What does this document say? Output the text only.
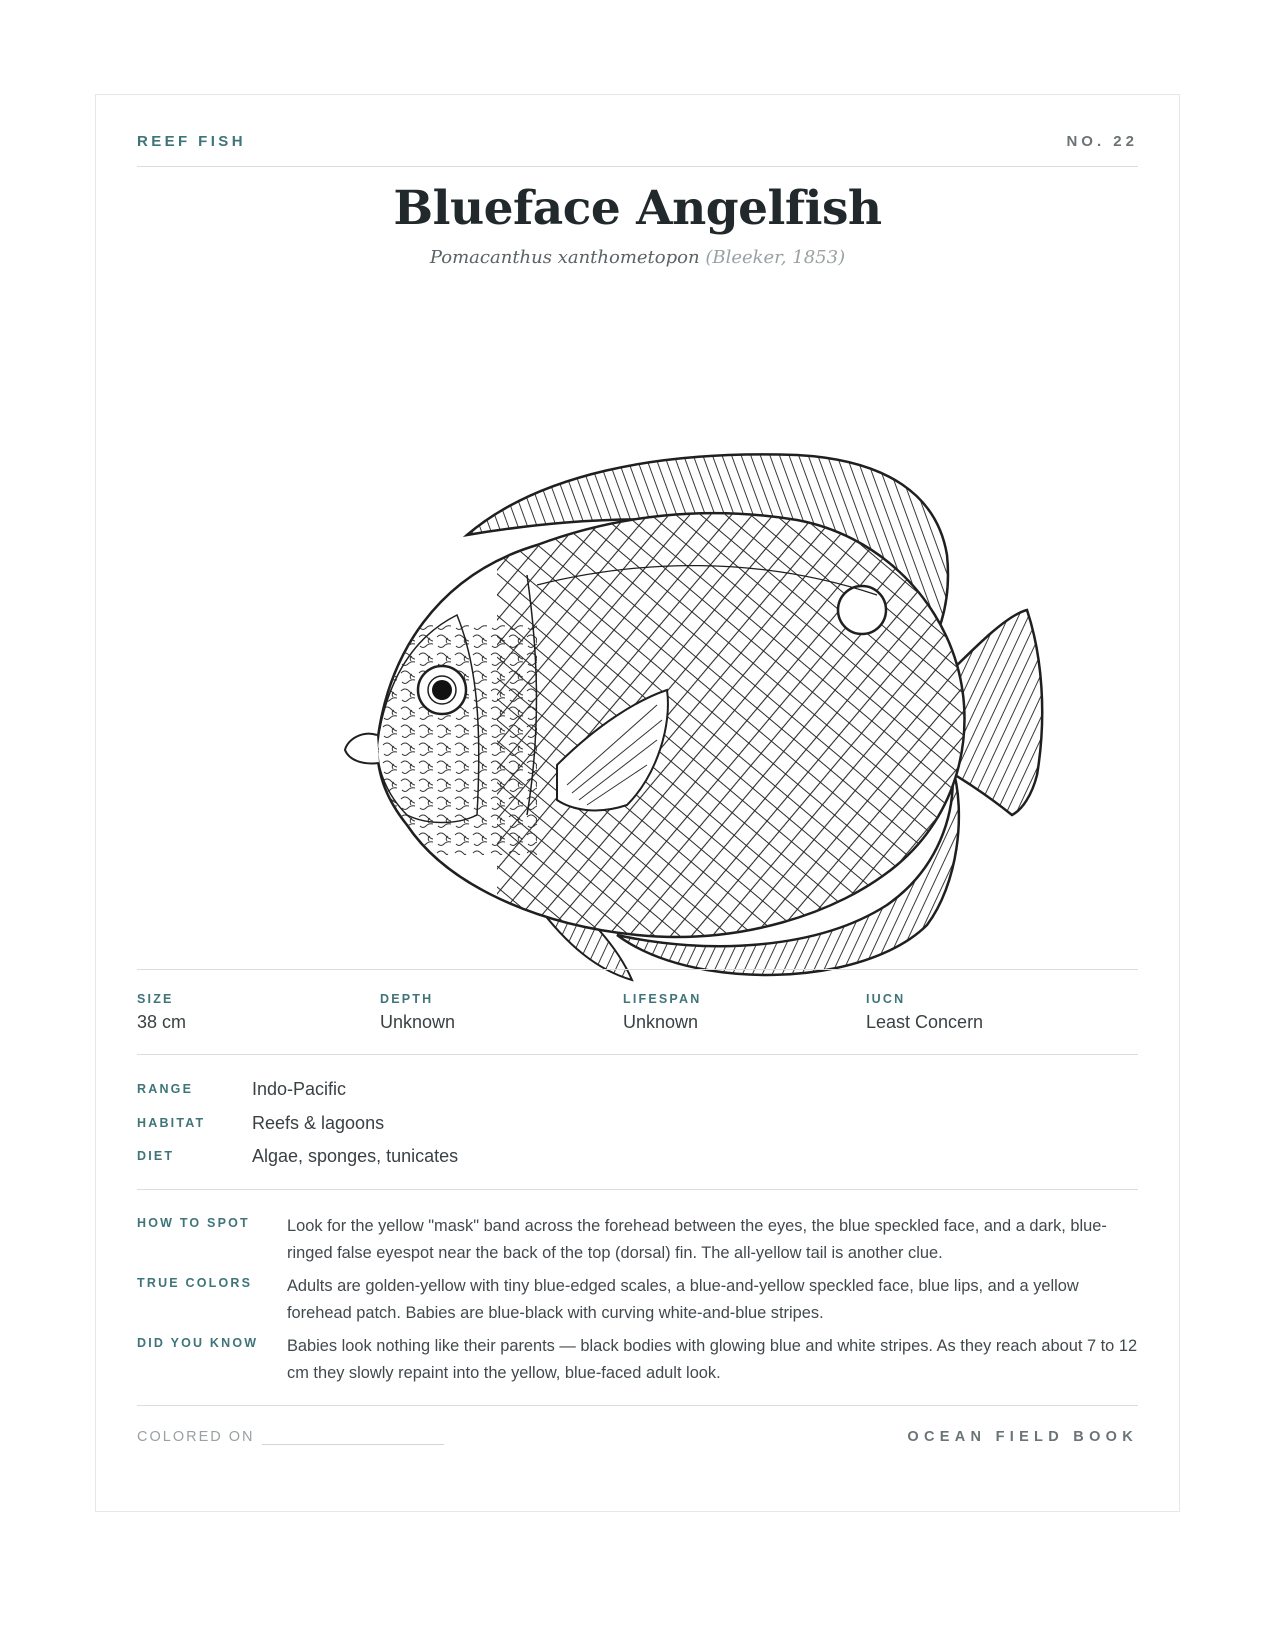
REEF FISH	NO. 22
Blueface Angelfish
Pomacanthus xanthometopon (Bleeker, 1853)
SIZE
38 cm
DEPTH
Unknown
LIFESPAN
Unknown
IUCN
Least Concern
RANGE	Indo-Pacific
HABITAT	Reefs & lagoons
DIET	Algae, sponges, tunicates
HOW TO SPOT Look for the yellow "mask" band across the forehead between the eyes, the blue speckled face, and a dark, blue-ringed false eyespot near the back of the top (dorsal) fin. The all-yellow tail is another clue.
TRUE COLORS Adults are golden-yellow with tiny blue-edged scales, a blue-and-yellow speckled face, blue lips, and a yellow forehead patch. Babies are blue-black with curving white-and-blue stripes.
DID YOU KNOW Babies look nothing like their parents — black bodies with glowing blue and white stripes. As they reach about 7 to 12 cm they slowly repaint into the yellow, blue-faced adult look.
COLORED ON	OCEAN FIELD BOOK
